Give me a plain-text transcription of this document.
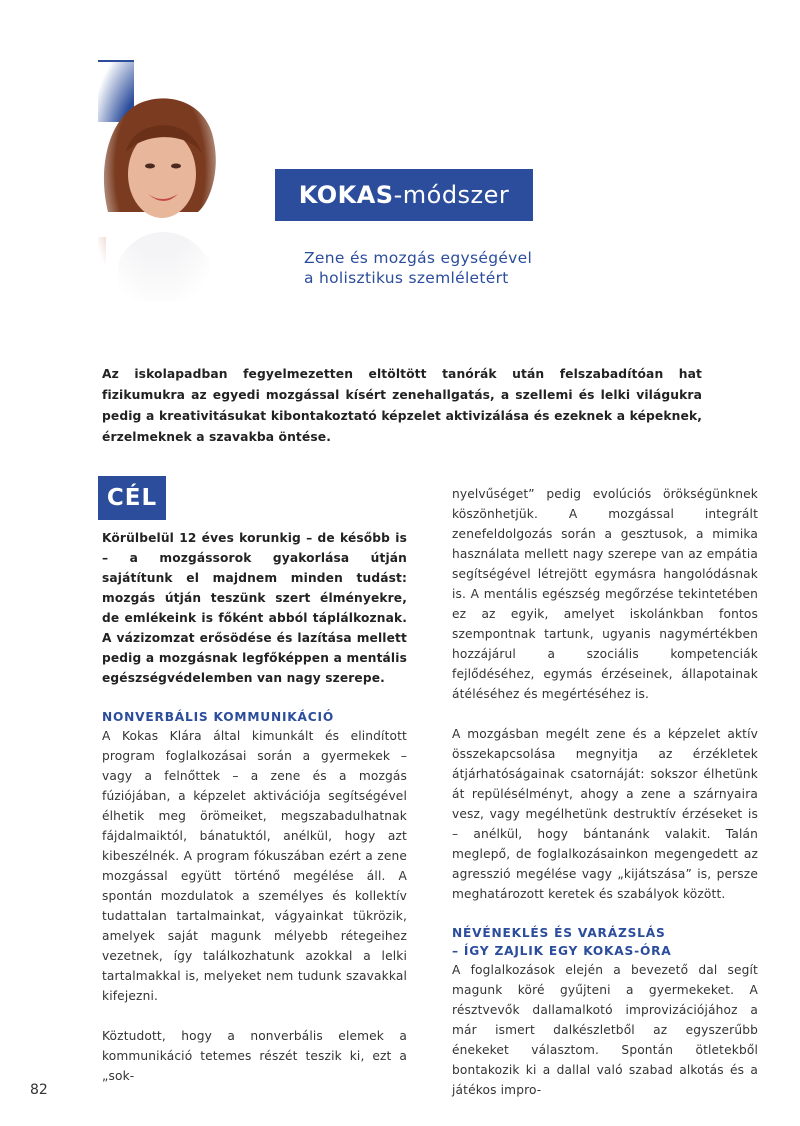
KOKAS -módszer
Zene és mozgás egységével
a holisztikus szemléletért
Az iskolapadban fegyelmezetten eltöltött tanórák után felszabadítóan hat fizikumukra az egyedi mozgással kísért zenehallgatás, a szellemi és lelki világukra pedig a kreativitásukat kibontakoztató képzelet aktivizálása és ezeknek a képeknek, érzelmeknek a szavakba öntése.
CÉL

Körülbelül 12 éves korunkig – de később is – a mozgássorok gyakorlása útján sajátítunk el majdnem minden tudást: mozgás útján teszünk szert élményekre, de emlékeink is főként abból táplálkoznak. A vázizomzat erősödése és lazítása mellett pedig a mozgásnak legfőképpen a mentális egészségvédelemben van nagy szerepe.

NONVERBÁLIS KOMMUNIKÁCIÓ

A Kokas Klára által kimunkált és elindított program foglalkozásai során a gyermekek – vagy a felnőttek – a zene és a mozgás fúziójában, a képzelet aktivációja segítségével élhetik meg örömeiket, megszabadulhatnak fájdalmaiktól, bánatuktól, anélkül, hogy azt kibeszélnék. A program fókuszában ezért a zene mozgással együtt történő megélése áll. A spontán mozdulatok a személyes és kollektív tudattalan tartalmainkat, vágyainkat tükrözik, amelyek saját magunk mélyebb rétegeihez vezetnek, így találkozhatunk azokkal a lelki tartalmakkal is, melyeket nem tudunk szavakkal kifejezni.

Köztudott, hogy a nonverbális elemek a kommunikáció tetemes részét teszik ki, ezt a „sok-

nyelvűséget” pedig evolúciós örökségünknek köszönhetjük. A mozgással integrált zenefeldolgozás során a gesztusok, a mimika használata mellett nagy szerepe van az empátia segítségével létrejött egymásra hangolódásnak is. A mentális egészség megőrzése tekintetében ez az egyik, amelyet iskolánkban fontos szempontnak tartunk, ugyanis nagymértékben hozzájárul a szociális kompetenciák fejlődéséhez, egymás érzéseinek, állapotainak átéléséhez és megértéséhez is.

A mozgásban megélt zene és a képzelet aktív összekapcsolása megnyitja az érzékletek átjárhatóságainak csatornáját: sokszor élhetünk át repülésélményt, ahogy a zene a szárnyaira vesz, vagy megélhetünk destruktív érzéseket is – anélkül, hogy bántanánk valakit. Talán meglepő, de foglalkozásainkon megengedett az agresszió megélése vagy „kijátszása” is, persze meghatározott keretek és szabályok között.

NÉVÉNEKLÉS ÉS VARÁZSLÁS

– ÍGY ZAJLIK EGY KOKAS-ÓRA

A foglalkozások elején a bevezető dal segít magunk köré gyűjteni a gyermekeket. A résztvevők dallamalkotó improvizációjához a már ismert dalkészletből az egyszerűbb énekeket választom. Spontán ötletekből bontakozik ki a dallal való szabad alkotás és a játékos impro-

82
